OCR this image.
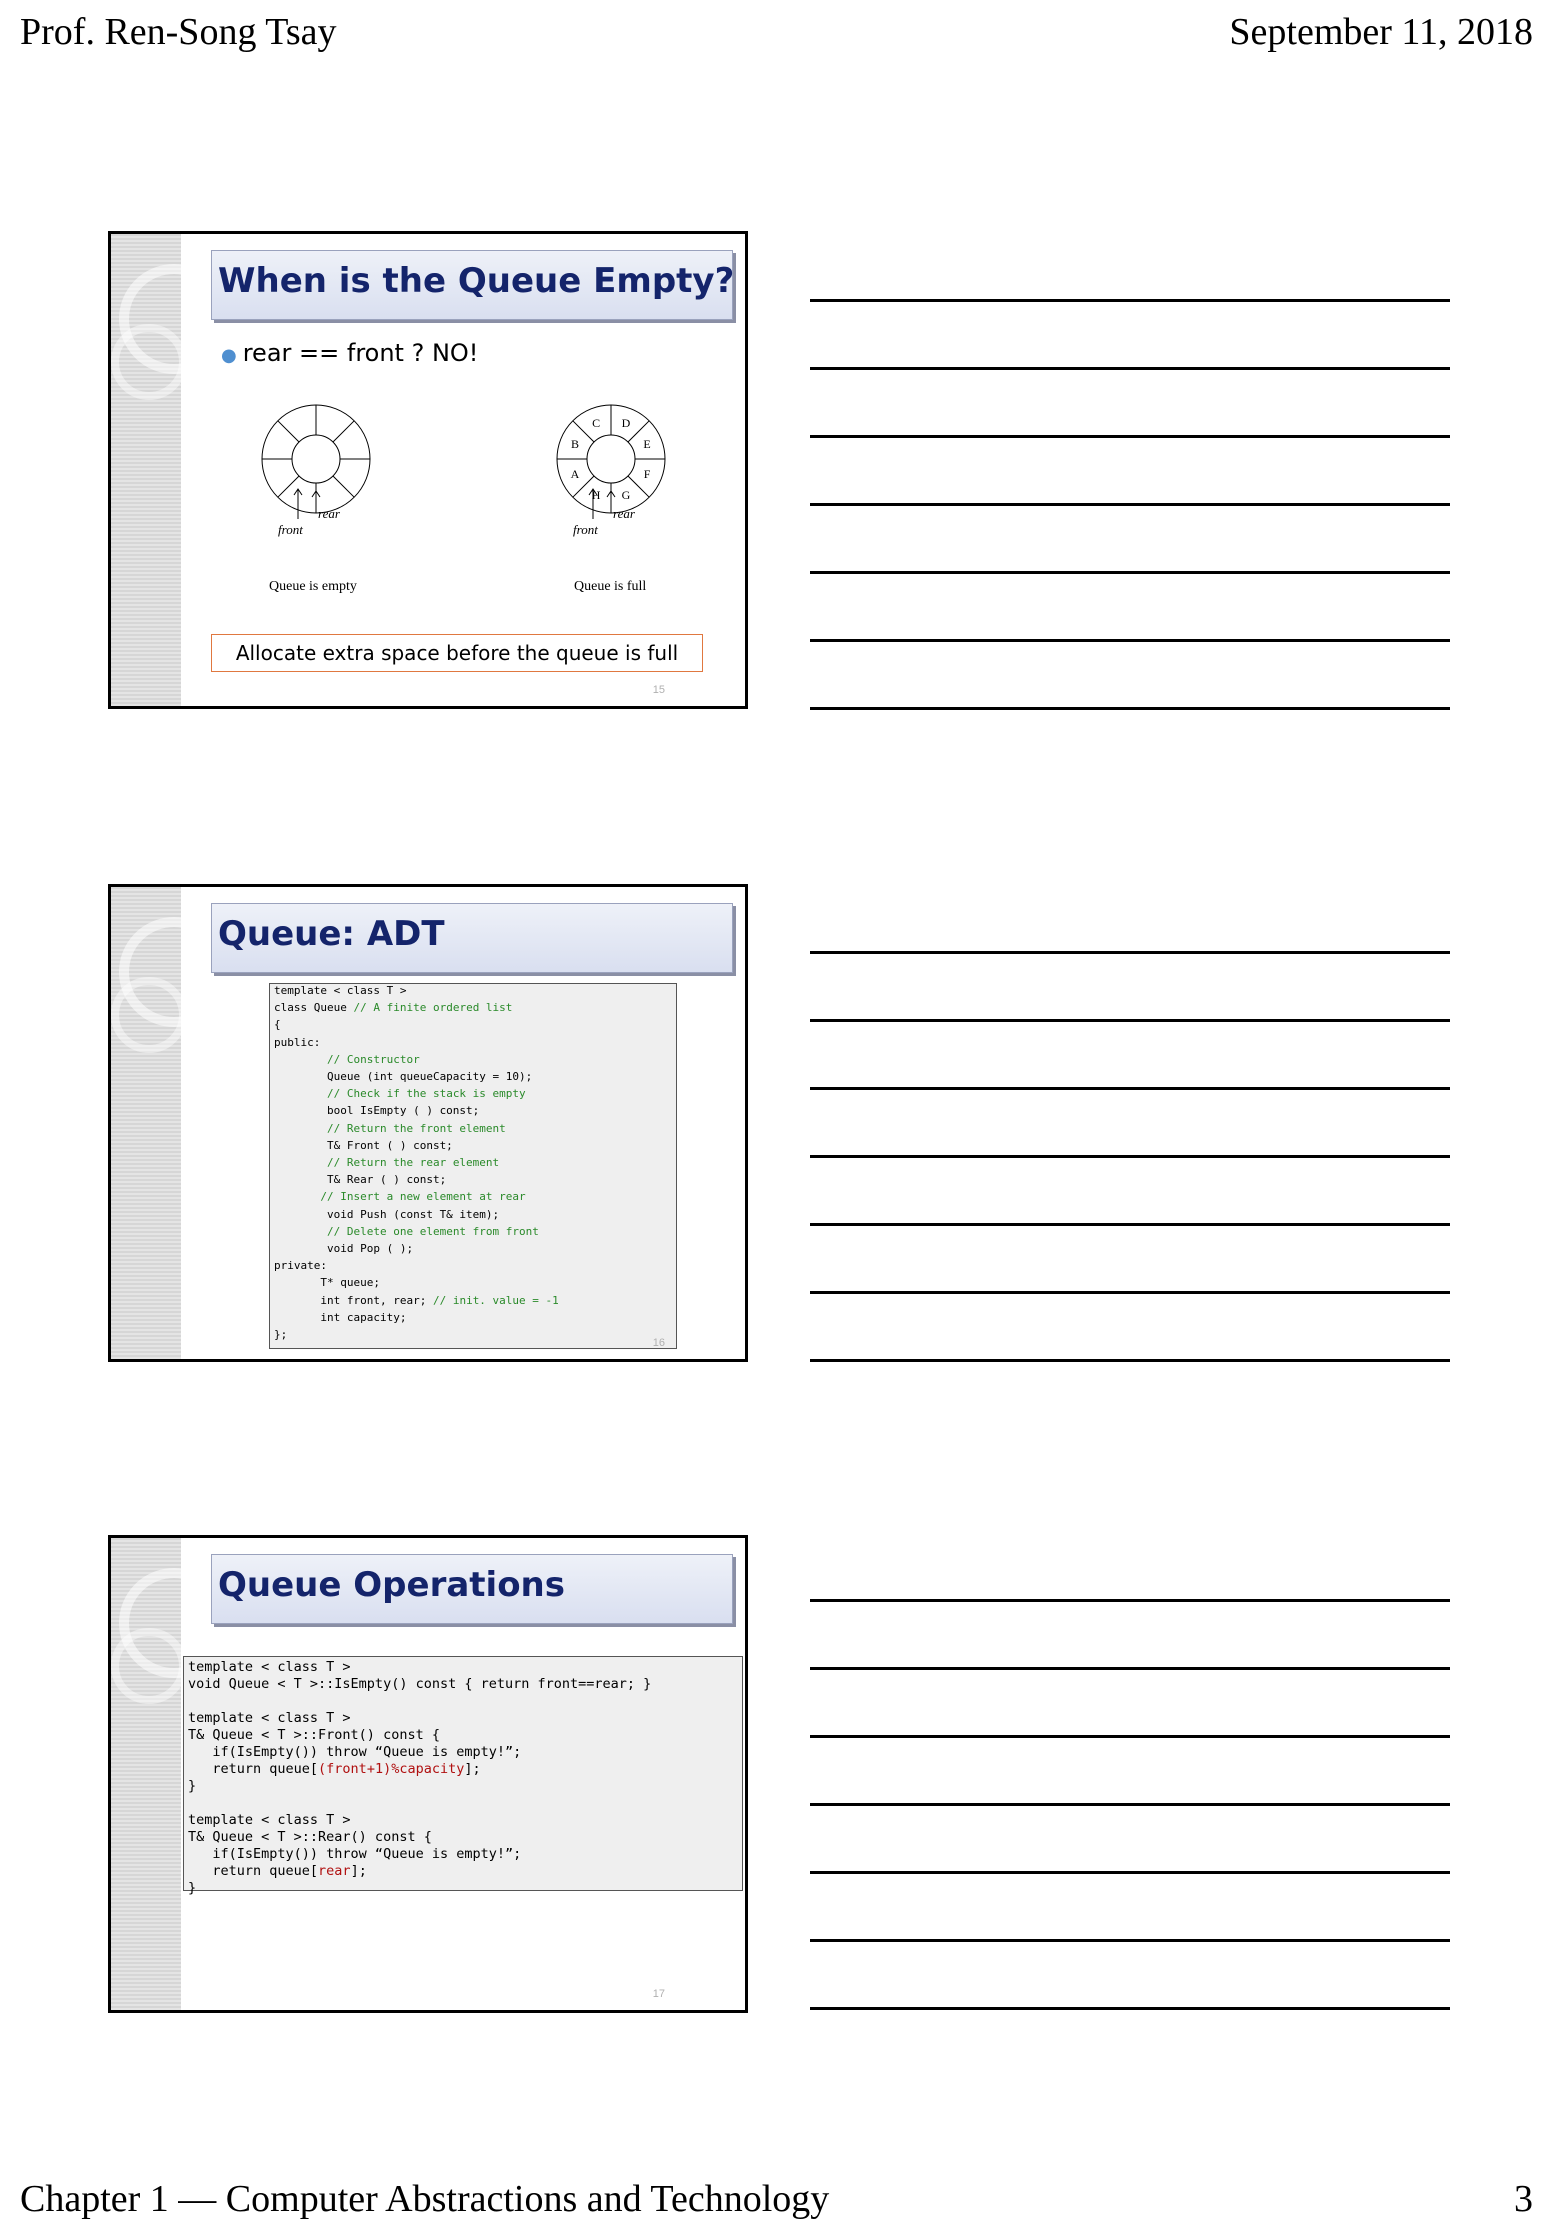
Prof. Ren-Song Tsay	September 11, 2018
When is the Queue Empty?
● rear == front ? NO!
rear
front
Queue is empty
C D
E
F
G
H
A
B
rear
front
Queue is full
Allocate extra space before the queue is full
15
Queue: ADT
template < class T >
class Queue // A finite ordered list
{
public:
// Constructor
Queue (int queueCapacity = 10);
// Check if the stack is empty
bool IsEmpty ( ) const;
// Return the front element
T& Front ( ) const;
// Return the rear element
T& Rear ( ) const;
// Insert a new element at rear
void Push (const T& item);
// Delete one element from front
void Pop ( );
private:
T* queue;
int front, rear; // init. value = -1
int capacity;
};
16
Queue Operations
template < class T >
void Queue < T >::IsEmpty() const { return front==rear; }
template < class T >
T& Queue < T >::Front() const {
if(IsEmpty()) throw “Queue is empty!”;
return queue[(front+1)%capacity];
}
template < class T >
T& Queue < T >::Rear() const {
if(IsEmpty()) throw “Queue is empty!”;
return queue[rear];
}
17
Chapter 1 — Computer Abstractions and Technology	3
